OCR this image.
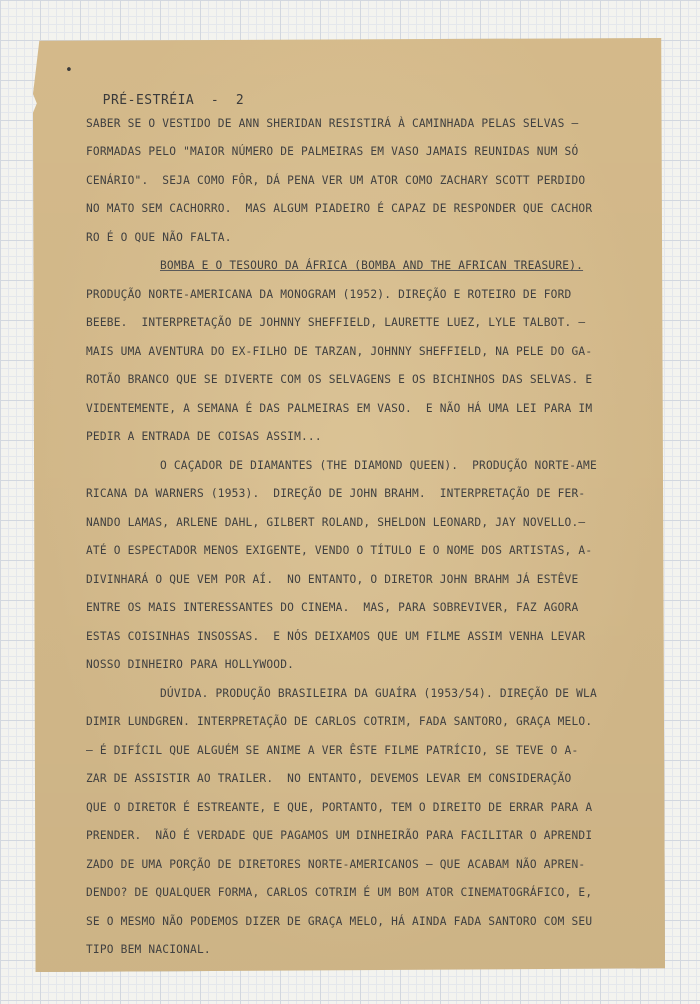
•

PRÉ-ESTRÉIA  -  2

SABER SE O VESTIDO DE ANN SHERIDAN RESISTIRÁ À CAMINHADA PELAS SELVAS —
FORMADAS PELO "MAIOR NÚMERO DE PALMEIRAS EM VASO JAMAIS REUNIDAS NUM SÓ
CENÁRIO".  SEJA COMO FÔR, DÁ PENA VER UM ATOR COMO ZACHARY SCOTT PERDIDO
NO MATO SEM CACHORRO.  MAS ALGUM PIADEIRO É CAPAZ DE RESPONDER QUE CACHOR
RO É O QUE NÃO FALTA.
BOMBA E O TESOURO DA ÁFRICA (BOMBA AND THE AFRICAN TREASURE).
PRODUÇÃO NORTE-AMERICANA DA MONOGRAM (1952). DIREÇÃO E ROTEIRO DE FORD
BEEBE.  INTERPRETAÇÃO DE JOHNNY SHEFFIELD, LAURETTE LUEZ, LYLE TALBOT. —
MAIS UMA AVENTURA DO EX-FILHO DE TARZAN, JOHNNY SHEFFIELD, NA PELE DO GA-
ROTÃO BRANCO QUE SE DIVERTE COM OS SELVAGENS E OS BICHINHOS DAS SELVAS. E
VIDENTEMENTE, A SEMANA É DAS PALMEIRAS EM VASO.  E NÃO HÁ UMA LEI PARA IM
PEDIR A ENTRADA DE COISAS ASSIM...
O CAÇADOR DE DIAMANTES (THE DIAMOND QUEEN).  PRODUÇÃO NORTE-AME
RICANA DA WARNERS (1953).  DIREÇÃO DE JOHN BRAHM.  INTERPRETAÇÃO DE FER-
NANDO LAMAS, ARLENE DAHL, GILBERT ROLAND, SHELDON LEONARD, JAY NOVELLO.—
ATÉ O ESPECTADOR MENOS EXIGENTE, VENDO O TÍTULO E O NOME DOS ARTISTAS, A-
DIVINHARÁ O QUE VEM POR AÍ.  NO ENTANTO, O DIRETOR JOHN BRAHM JÁ ESTÊVE
ENTRE OS MAIS INTERESSANTES DO CINEMA.  MAS, PARA SOBREVIVER, FAZ AGORA
ESTAS COISINHAS INSOSSAS.  E NÓS DEIXAMOS QUE UM FILME ASSIM VENHA LEVAR
NOSSO DINHEIRO PARA HOLLYWOOD.
DÚVIDA. PRODUÇÃO BRASILEIRA DA GUAÍRA (1953/54). DIREÇÃO DE WLA
DIMIR LUNDGREN. INTERPRETAÇÃO DE CARLOS COTRIM, FADA SANTORO, GRAÇA MELO.
— É DIFÍCIL QUE ALGUÉM SE ANIME A VER ÊSTE FILME PATRÍCIO, SE TEVE O A-
ZAR DE ASSISTIR AO TRAILER.  NO ENTANTO, DEVEMOS LEVAR EM CONSIDERAÇÃO
QUE O DIRETOR É ESTREANTE, E QUE, PORTANTO, TEM O DIREITO DE ERRAR PARA A
PRENDER.  NÃO É VERDADE QUE PAGAMOS UM DINHEIRÃO PARA FACILITAR O APRENDI
ZADO DE UMA PORÇÃO DE DIRETORES NORTE-AMERICANOS — QUE ACABAM NÃO APREN-
DENDO? DE QUALQUER FORMA, CARLOS COTRIM É UM BOM ATOR CINEMATOGRÁFICO, E,
SE O MESMO NÃO PODEMOS DIZER DE GRAÇA MELO, HÁ AINDA FADA SANTORO COM SEU
TIPO BEM NACIONAL.
